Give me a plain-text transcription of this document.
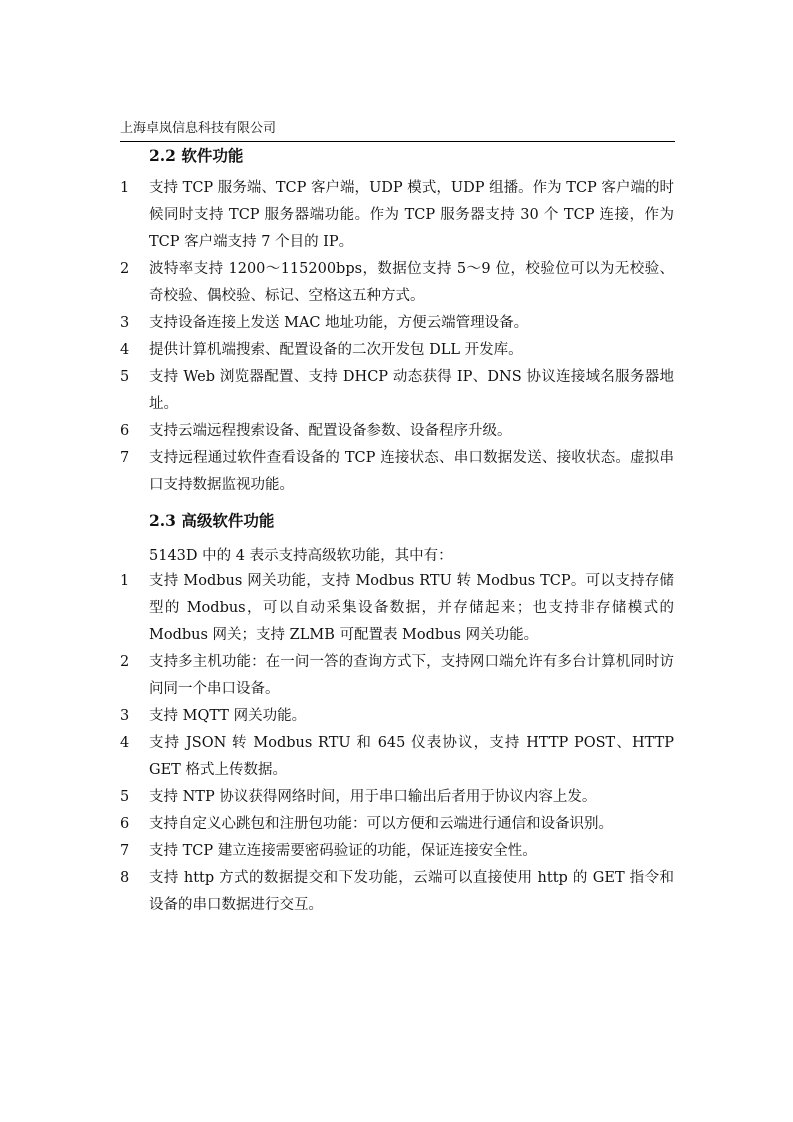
上海卓岚信息科技有限公司
2.2 软件功能
1 支持 TCP 服务端、TCP 客户端，UDP 模式，UDP 组播。作为 TCP 客户端的时候同时支持 TCP 服务器端功能。作为 TCP 服务器支持 30 个 TCP 连接，作为 TCP 客户端支持 7 个目的 IP。
2 波特率支持 1200～115200bps，数据位支持 5～9 位，校验位可以为无校验、奇校验、偶校验、标记、空格这五种方式。
3 支持设备连接上发送 MAC 地址功能，方便云端管理设备。
4 提供计算机端搜索、配置设备的二次开发包 DLL 开发库。
5 支持 Web 浏览器配置、支持 DHCP 动态获得 IP、DNS 协议连接域名服务器地址。
6 支持云端远程搜索设备、配置设备参数、设备程序升级。
7 支持远程通过软件查看设备的 TCP 连接状态、串口数据发送、接收状态。虚拟串口支持数据监视功能。
2.3 高级软件功能

5143D 中的 4 表示支持高级软功能，其中有：

1 支持 Modbus 网关功能，支持 Modbus RTU 转 Modbus TCP。可以支持存储型的 Modbus，可以自动采集设备数据，并存储起来；也支持非存储模式的 Modbus 网关；支持 ZLMB 可配置表 Modbus 网关功能。
2 支持多主机功能：在一问一答的查询方式下，支持网口端允许有多台计算机同时访问同一个串口设备。
3 支持 MQTT 网关功能。
4 支持 JSON 转 Modbus RTU 和 645 仪表协议，支持 HTTP POST、HTTP GET 格式上传数据。
5 支持 NTP 协议获得网络时间，用于串口输出后者用于协议内容上发。
6 支持自定义心跳包和注册包功能：可以方便和云端进行通信和设备识别。
7 支持 TCP 建立连接需要密码验证的功能，保证连接安全性。
8 支持 http 方式的数据提交和下发功能，云端可以直接使用 http 的 GET 指令和设备的串口数据进行交互。
